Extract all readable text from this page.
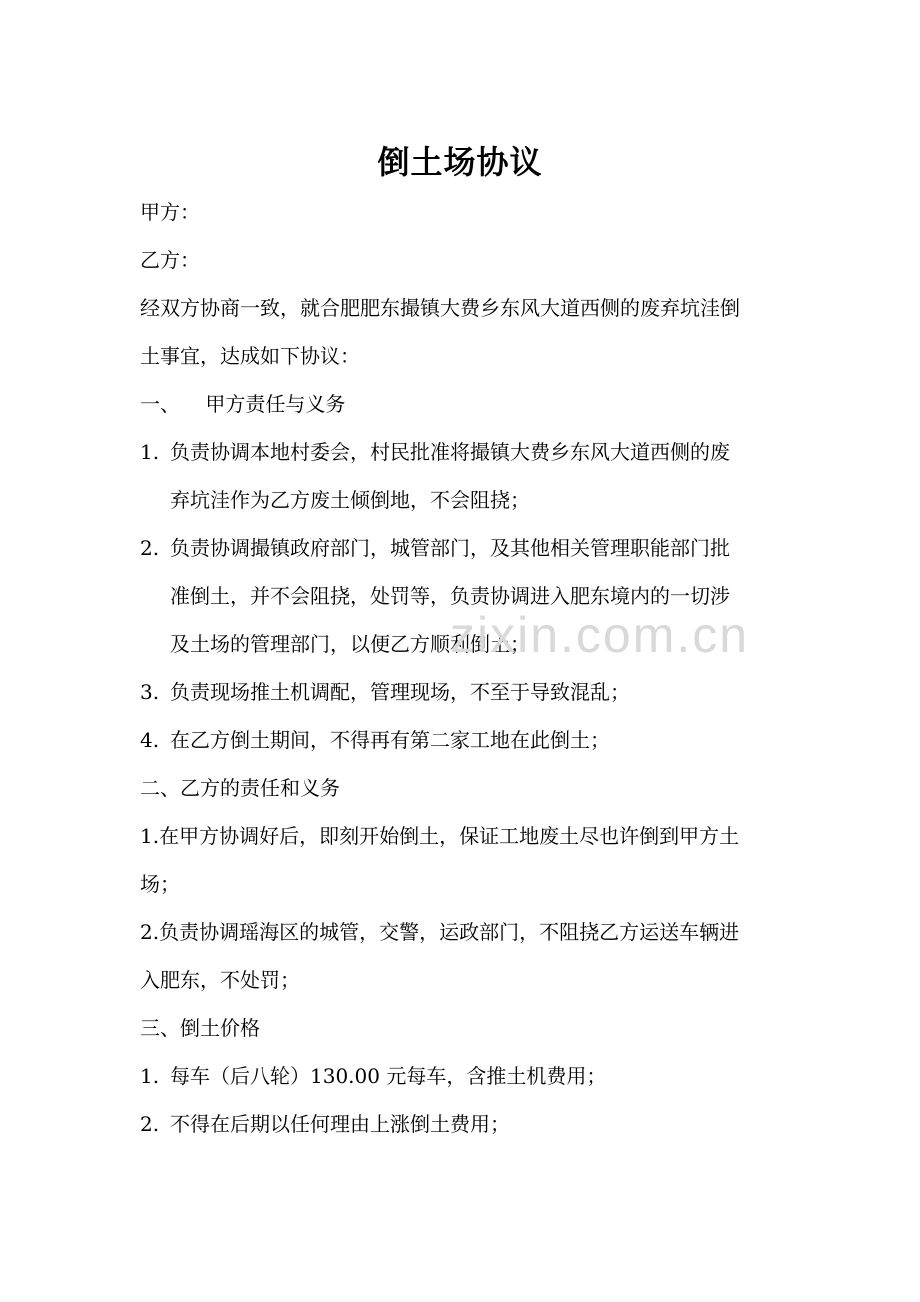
倒土场协议
甲方：
乙方：
经双方协商一致，就合肥肥东撮镇大费乡东风大道西侧的废弃坑洼倒
土事宜，达成如下协议：
一、    甲方责任与义务
1. 负责协调本地村委会，村民批准将撮镇大费乡东风大道西侧的废
弃坑洼作为乙方废土倾倒地，不会阻挠；
2. 负责协调撮镇政府部门，城管部门，及其他相关管理职能部门批
准倒土，并不会阻挠，处罚等，负责协调进入肥东境内的一切涉
及土场的管理部门，以便乙方顺利倒土；
3. 负责现场推土机调配，管理现场，不至于导致混乱；
4. 在乙方倒土期间，不得再有第二家工地在此倒土；
二、乙方的责任和义务
1.在甲方协调好后，即刻开始倒土，保证工地废土尽也许倒到甲方土
场；
2.负责协调瑶海区的城管，交警，运政部门，不阻挠乙方运送车辆进
入肥东，不处罚；
三、倒土价格
1. 每车（后八轮）130.00 元每车，含推土机费用；
2. 不得在后期以任何理由上涨倒土费用；
zixin.com.cn
